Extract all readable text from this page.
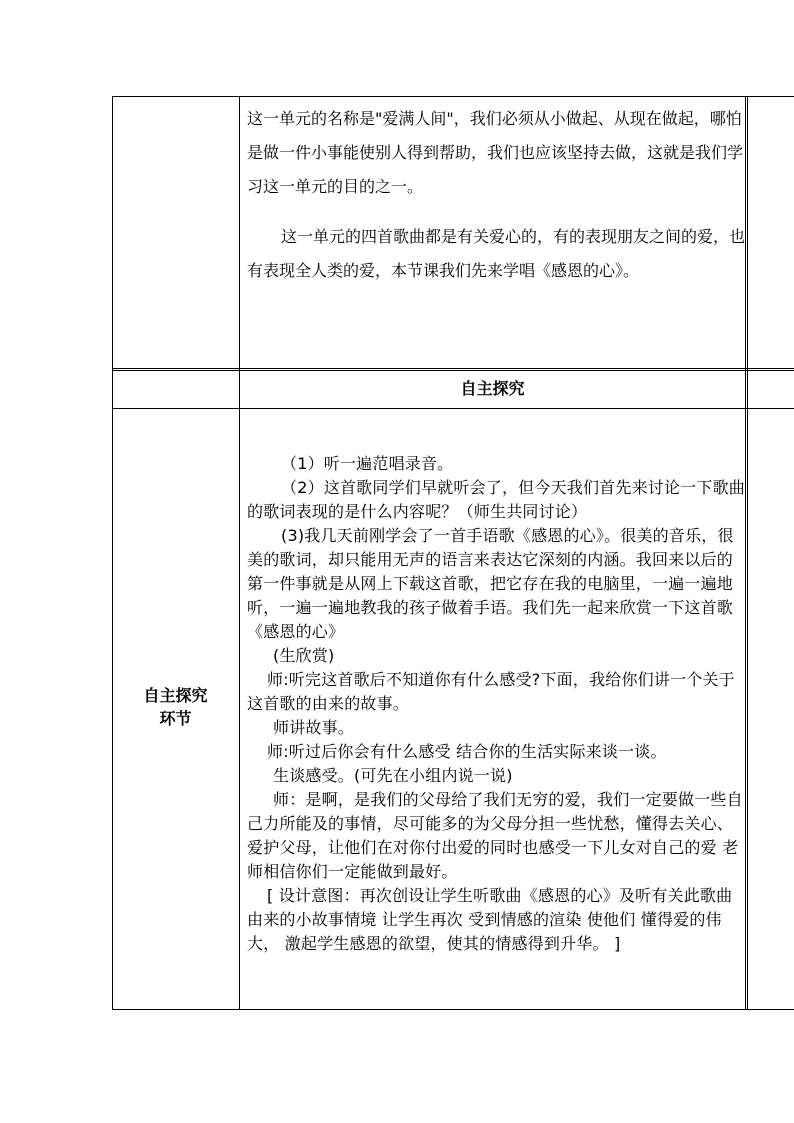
这一单元的名称是"爱满人间"，我们必须从小做起、从现在做起，哪怕是做一件小事能使别人得到帮助，我们也应该坚持去做，这就是我们学习这一单元的目的之一。

这一单元的四首歌曲都是有关爱心的，有的表现朋友之间的爱，也有表现全人类的爱，本节课我们先来学唱《感恩的心》。

自主探究
自主探究
环节

（1）听一遍范唱录音。

（2）这首歌同学们早就听会了，但今天我们首先来讨论一下歌曲的歌词表现的是什么内容呢？（师生共同讨论）

(3)我几天前刚学会了一首手语歌《感恩的心》。很美的音乐，很美的歌词，却只能用无声的语言来表达它深刻的内涵。我回来以后的第一件事就是从网上下载这首歌，把它存在我的电脑里，一遍一遍地听，一遍一遍地教我的孩子做着手语。我们先一起来欣赏一下这首歌《感恩的心》

(生欣赏)

师:听完这首歌后不知道你有什么感受?下面，我给你们讲一个关于这首歌的由来的故事。

师讲故事。

师:听过后你会有什么感受 结合你的生活实际来谈一谈。

生谈感受。(可先在小组内说一说)

师：是啊，是我们的父母给了我们无穷的爱，我们一定要做一些自己力所能及的事情，尽可能多的为父母分担一些忧愁，懂得去关心、爱护父母，让他们在对你付出爱的同时也感受一下儿女对自己的爱 老师相信你们一定能做到最好。

[ 设计意图：再次创设让学生听歌曲《感恩的心》及听有关此歌曲由来的小故事情境 让学生再次 受到情感的渲染 使他们 懂得爱的伟大， 激起学生感恩的欲望，使其的情感得到升华。 ]
